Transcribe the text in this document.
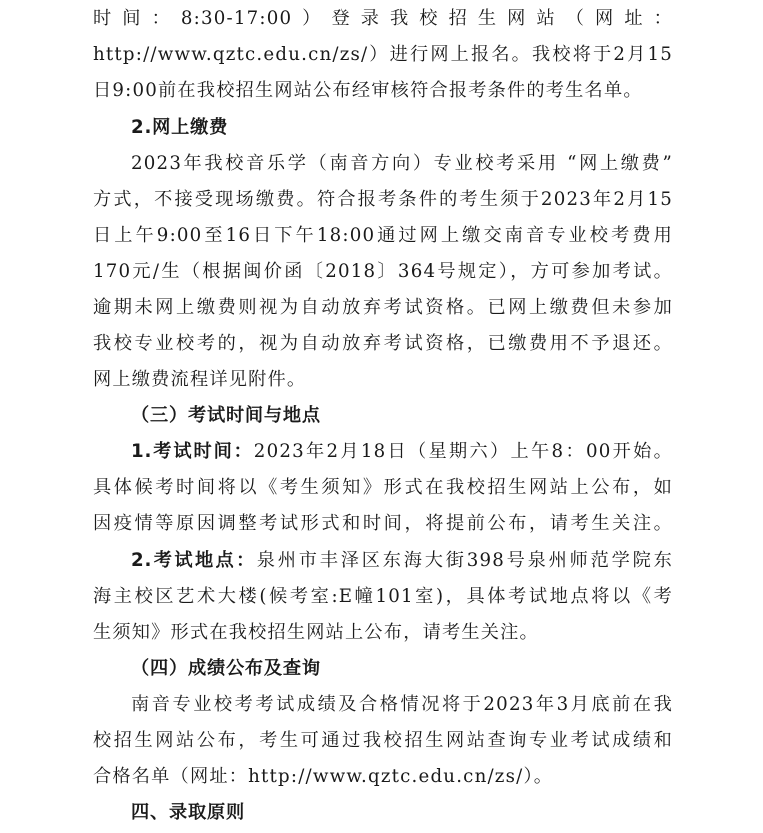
时间：8:30-17:00）登录我校招生网站（网址：
http://www.qztc.edu.cn/zs/）进行网上报名。我校将于2月15
日9:00前在我校招生网站公布经审核符合报考条件的考生名单。
2.网上缴费
2023年我校音乐学（南音方向）专业校考采用 “网上缴费”
方式，不接受现场缴费。符合报考条件的考生须于2023年2月15
日上午9:00至16日下午18:00通过网上缴交南音专业校考费用
170元/生（根据闽价函〔2018〕364号规定），方可参加考试。
逾期未网上缴费则视为自动放弃考试资格。已网上缴费但未参加
我校专业校考的，视为自动放弃考试资格，已缴费用不予退还。
网上缴费流程详见附件。
（三）考试时间与地点
1.考试时间：2023年2月18日（星期六）上午8：00开始。
具体候考时间将以《考生须知》形式在我校招生网站上公布，如
因疫情等原因调整考试形式和时间，将提前公布，请考生关注。
2.考试地点：泉州市丰泽区东海大街398号泉州师范学院东
海主校区艺术大楼(候考室:E幢101室)，具体考试地点将以《考
生须知》形式在我校招生网站上公布，请考生关注。
（四）成绩公布及查询
南音专业校考考试成绩及合格情况将于2023年3月底前在我
校招生网站公布，考生可通过我校招生网站查询专业考试成绩和
合格名单（网址：http://www.qztc.edu.cn/zs/）。
四、录取原则
